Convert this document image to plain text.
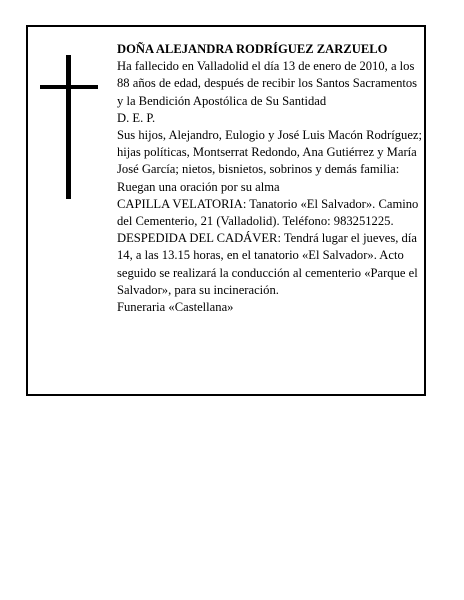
DOÑA ALEJANDRA RODRÍGUEZ ZARZUELO

Ha fallecido en Valladolid el día 13 de enero de 2010, a los 88 años de edad, después de recibir los Santos Sacramentos y la Bendición Apostólica de Su Santidad

D. E. P.

Sus hijos, Alejandro, Eulogio y José Luis Macón Rodríguez; hijas políticas, Montserrat Redondo, Ana Gutiérrez y María José García; nietos, bisnietos, sobrinos y demás familia:

Ruegan una oración por su alma

CAPILLA VELATORIA: Tanatorio «El Salvador». Camino del Cementerio, 21 (Valladolid). Teléfono: 983251225.

DESPEDIDA DEL CADÁVER: Tendrá lugar el jueves, día 14, a las 13.15 horas, en el tanatorio «El Salvador». Acto seguido se realizará la conducción al cementerio «Parque el Salvador», para su incineración.

Funeraria «Castellana»
